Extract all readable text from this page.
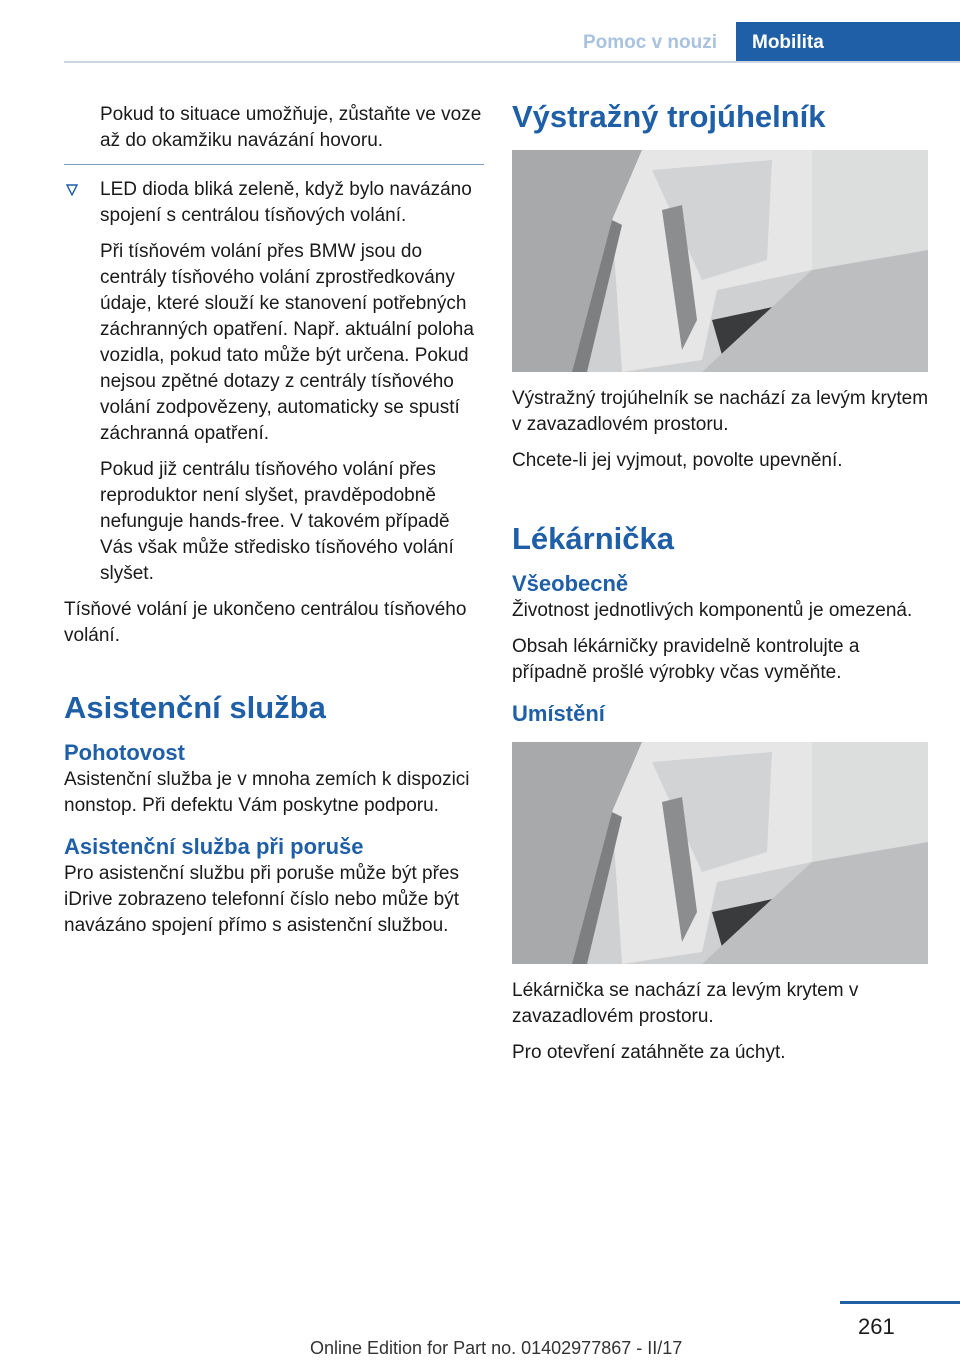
Pomoc v nouzi	Mobilita
Pokud to situace umožňuje, zůstaňte ve voze až do okamžiku navázání hovoru.
LED dioda bliká zeleně, když bylo navázáno spojení s centrálou tísňových volání.
Při tísňovém volání přes BMW jsou do centrály tísňového volání zprostředkovány údaje, které slouží ke stanovení potřebných záchranných opatření. Např. aktuální poloha vozidla, pokud tato může být určena. Pokud nejsou zpětné dotazy z centrály tísňového volání zodpovězeny, automaticky se spustí záchranná opatření.
Pokud již centrálu tísňového volání přes reproduktor není slyšet, pravděpodobně nefunguje hands-free. V takovém případě Vás však může středisko tísňového volání slyšet.
Tísňové volání je ukončeno centrálou tísňového volání.
Asistenční služba
Pohotovost
Asistenční služba je v mnoha zemích k dispozici nonstop. Při defektu Vám poskytne podporu.
Asistenční služba při poruše
Pro asistenční službu při poruše může být přes iDrive zobrazeno telefonní číslo nebo může být navázáno spojení přímo s asistenční službou.
Výstražný trojúhelník
Výstražný trojúhelník se nachází za levým krytem v zavazadlovém prostoru.
Chcete-li jej vyjmout, povolte upevnění.
Lékárnička
Všeobecně
Životnost jednotlivých komponentů je omezená.
Obsah lékárničky pravidelně kontrolujte a případně prošlé výrobky včas vyměňte.
Umístění
Lékárnička se nachází za levým krytem v zavazadlovém prostoru.
Pro otevření zatáhněte za úchyt.
261
Online Edition for Part no. 01402977867 - II/17
